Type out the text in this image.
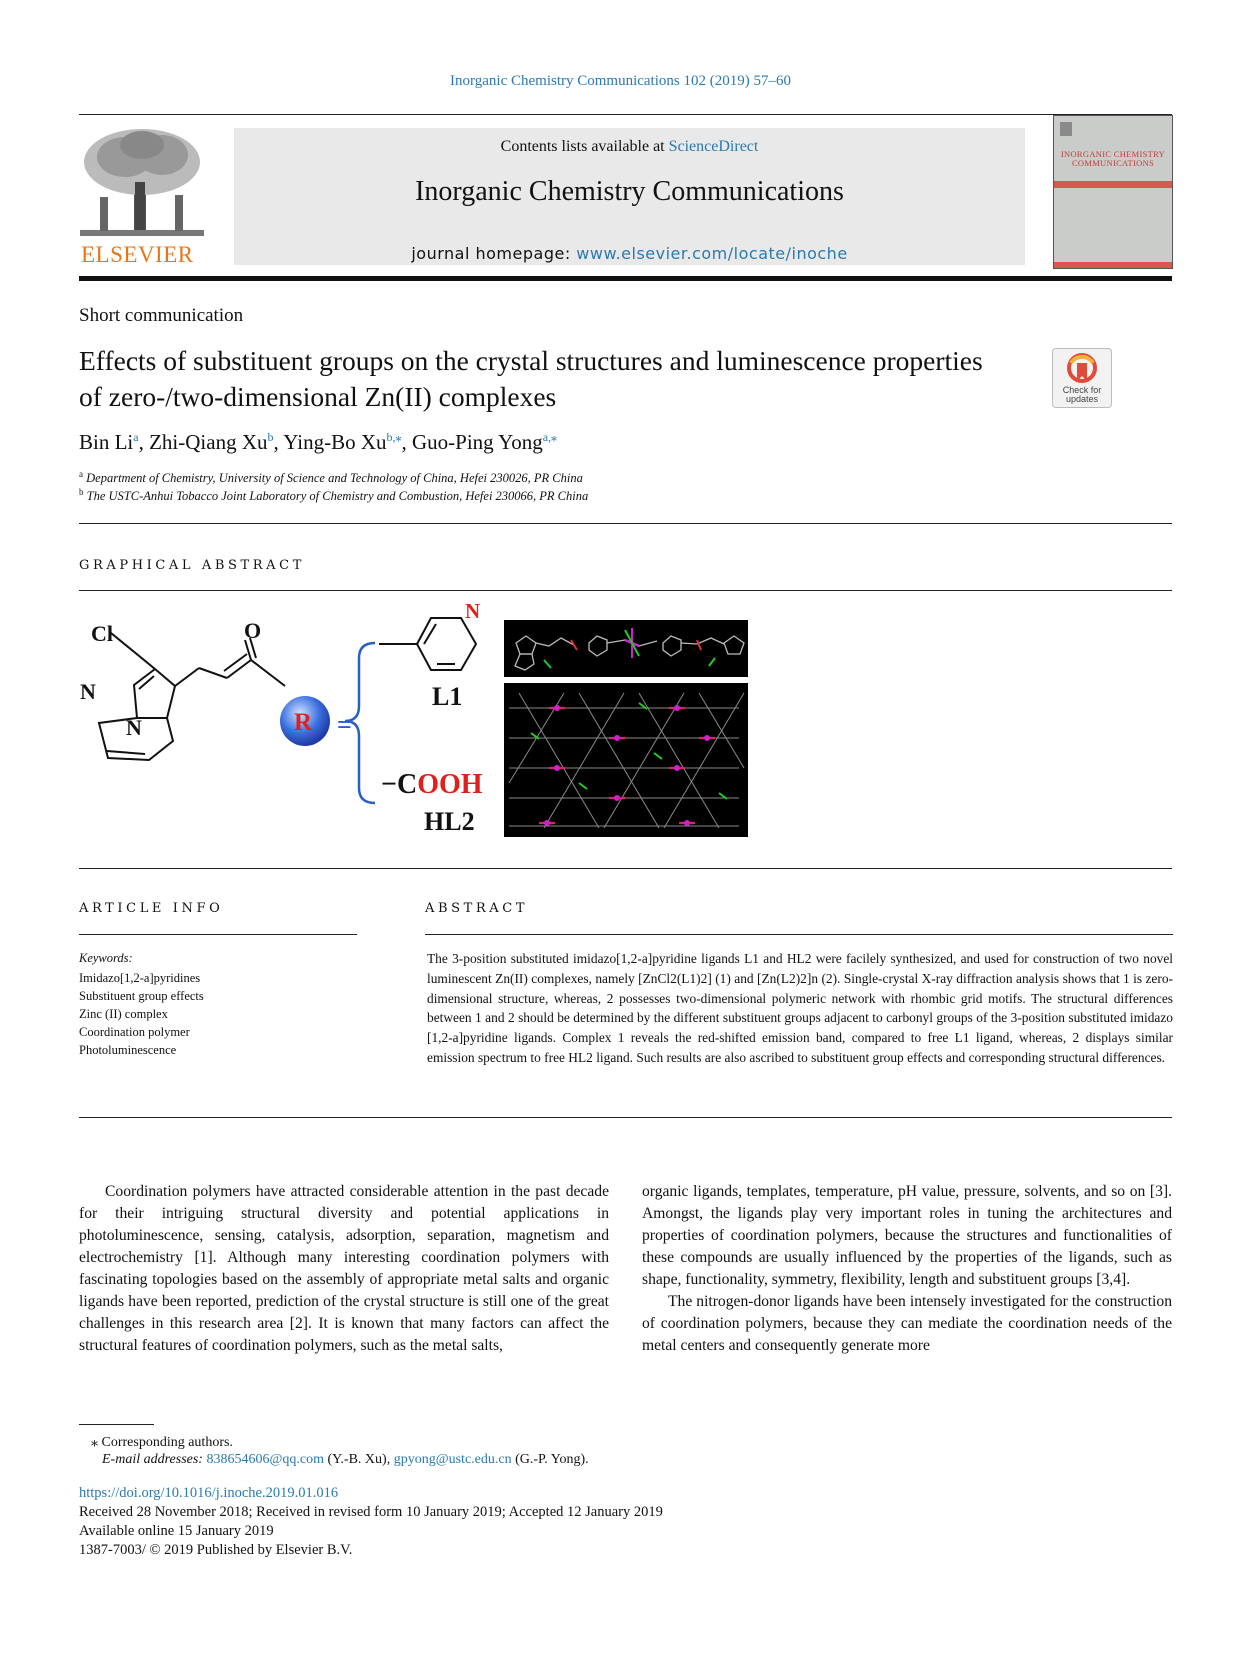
Inorganic Chemistry Communications 102 (2019) 57–60
ELSEVIER
Contents lists available at ScienceDirect
Inorganic Chemistry Communications
journal homepage: www.elsevier.com/locate/inoche
INORGANIC CHEMISTRY COMMUNICATIONS
Short communication
Effects of substituent groups on the crystal structures and luminescence properties of zero-/two-dimensional Zn(II) complexes	Check for updates
Bin Li$^a$, Zhi-Qiang Xu$^b$, Ying-Bo $Xu^{b,⁎}$, Guo-Ping Yong$^{a,⁎}$
$^a$ Department of Chemistry, University of Science and Technology of China, Hefei 230026, PR China
$^b$ The USTC-Anhui Tobacco Joint Laboratory of Chemistry and Combustion, Hefei 230066, PR China
GRAPHICAL ABSTRACT
Cl	O
N
N	R =
N
L1
−COOH
HL2
ARTICLE INFO
Keywords:
Imidazo[1,2-a]pyridines
Substituent group effects
Zinc (II) complex
Coordination polymer
Photoluminescence
ABSTRACT
The 3-position substituted imidazo[1,2-a]pyridine ligands L1 and HL2 were facilely synthesized, and used for construction of two novel luminescent Zn(II) complexes, namely [ZnCl2(L1)2] (1) and [Zn(L2)2]n (2). Single-crystal X-ray diffraction analysis shows that 1 is zero-dimensional structure, whereas, 2 possesses two-dimensional polymeric network with rhombic grid motifs. The structural differences between 1 and 2 should be determined by the different substituent groups adjacent to carbonyl groups of the 3-position substituted imidazo [1,2-a]pyridine ligands. Complex 1 reveals the red-shifted emission band, compared to free L1 ligand, whereas, 2 displays similar emission spectrum to free HL2 ligand. Such results are also ascribed to substituent group effects and corresponding structural differences.
Coordination polymers have attracted considerable attention in the past decade for their intriguing structural diversity and potential applications in photoluminescence, sensing, catalysis, adsorption, separation, magnetism and electrochemistry [1]. Although many interesting coordination polymers with fascinating topologies based on the assembly of appropriate metal salts and organic ligands have been reported, prediction of the crystal structure is still one of the great challenges in this research area [2]. It is known that many factors can affect the structural features of coordination polymers, such as the metal salts,
organic ligands, templates, temperature, pH value, pressure, solvents, and so on [3]. Amongst, the ligands play very important roles in tuning the architectures and properties of coordination polymers, because the structures and functionalities of these compounds are usually influenced by the properties of the ligands, such as shape, functionality, symmetry, flexibility, length and substituent groups [3,4].
The nitrogen-donor ligands have been intensely investigated for the construction of coordination polymers, because they can mediate the coordination needs of the metal centers and consequently generate more
⁎ Corresponding authors.
E-mail addresses: 838654606@qq.com (Y.-B. Xu), gpyong@ustc.edu.cn (G.-P. Yong).
https://doi.org/10.1016/j.inoche.2019.01.016
Received 28 November 2018; Received in revised form 10 January 2019; Accepted 12 January 2019
Available online 15 January 2019
1387-7003/ © 2019 Published by Elsevier B.V.
